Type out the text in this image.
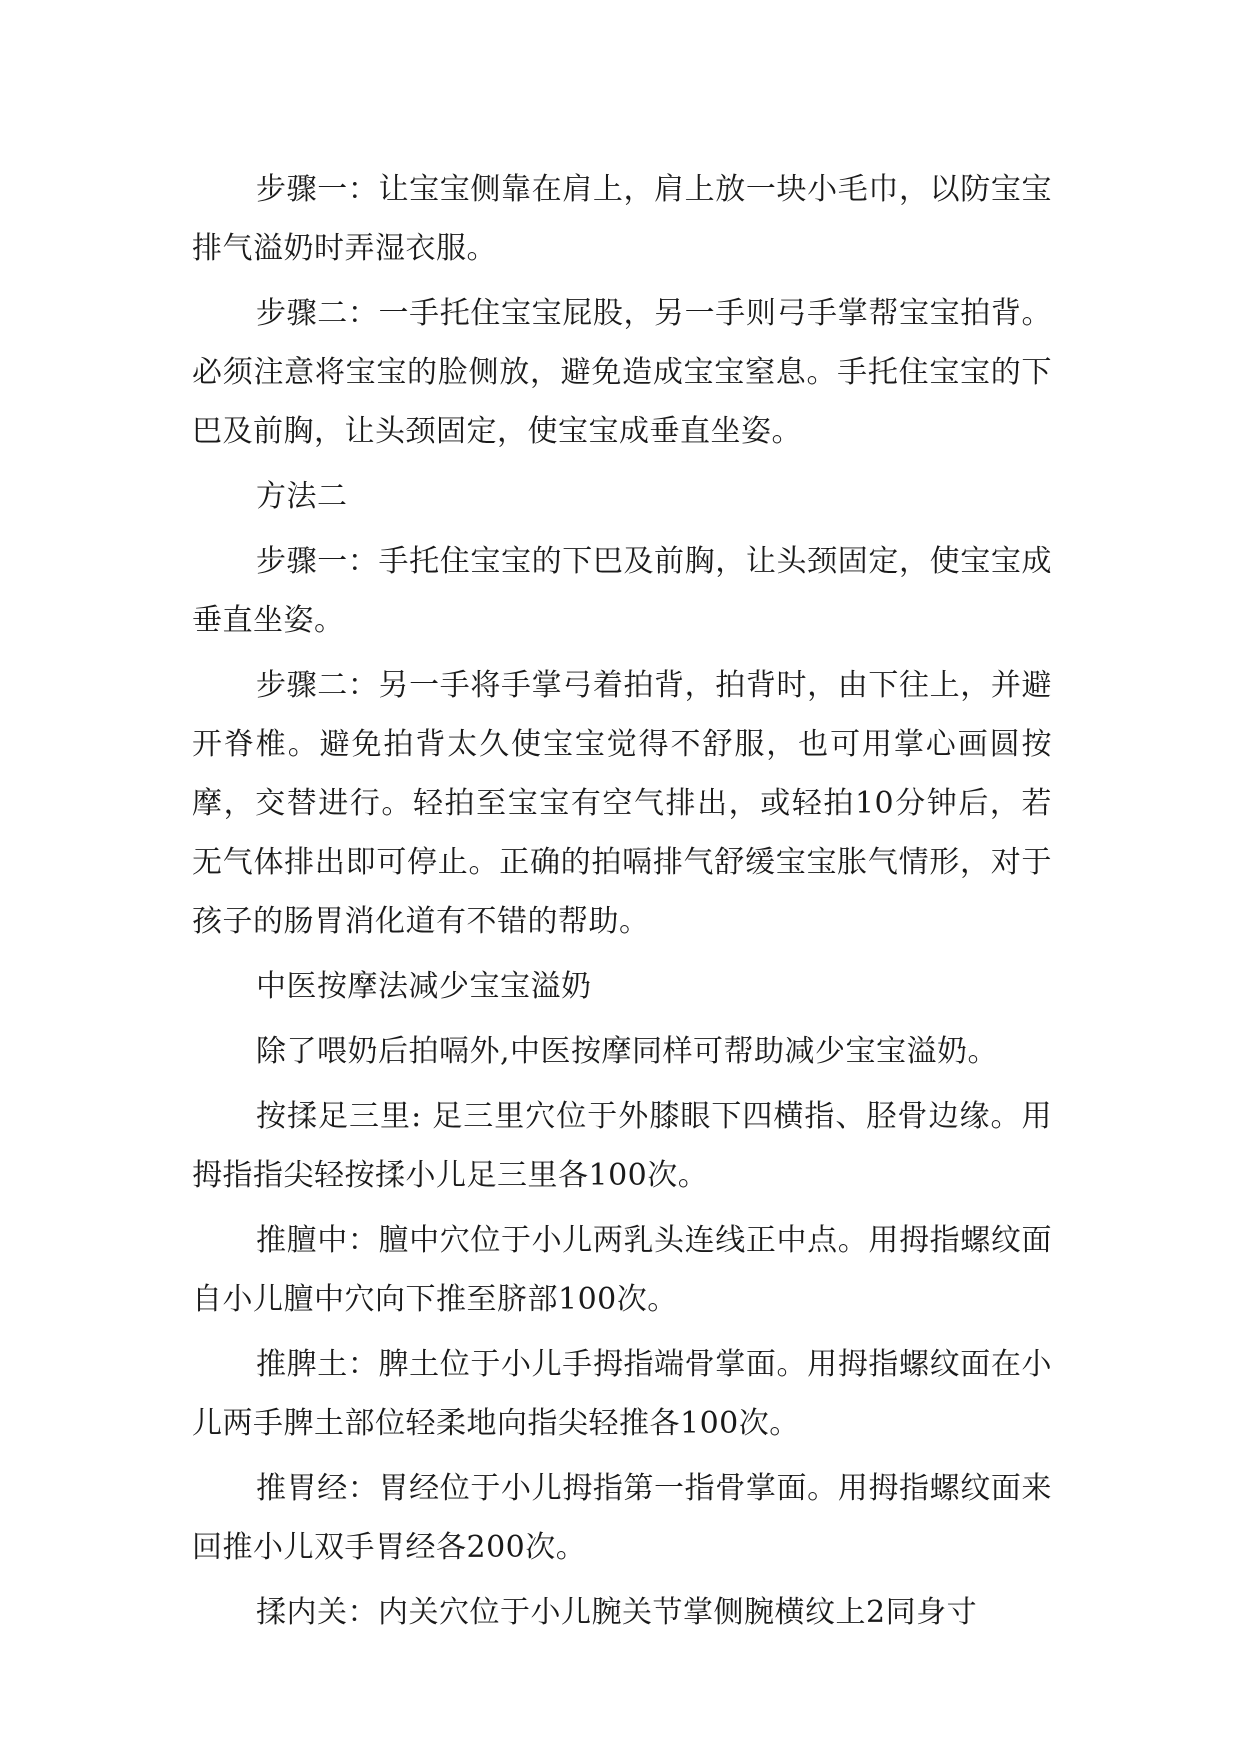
步骤一：让宝宝侧靠在肩上，肩上放一块小毛巾，以防宝宝排气溢奶时弄湿衣服。

步骤二：一手托住宝宝屁股，另一手则弓手掌帮宝宝拍背。必须注意将宝宝的脸侧放，避免造成宝宝窒息。手托住宝宝的下巴及前胸，让头颈固定，使宝宝成垂直坐姿。

方法二

步骤一：手托住宝宝的下巴及前胸，让头颈固定，使宝宝成垂直坐姿。

步骤二：另一手将手掌弓着拍背，拍背时，由下往上，并避开脊椎。避免拍背太久使宝宝觉得不舒服，也可用掌心画圆按摩，交替进行。轻拍至宝宝有空气排出，或轻拍10分钟后，若无气体排出即可停止。正确的拍嗝排气舒缓宝宝胀气情形，对于孩子的肠胃消化道有不错的帮助。

中医按摩法减少宝宝溢奶

除了喂奶后拍嗝外,中医按摩同样可帮助减少宝宝溢奶。

按揉足三里: 足三里穴位于外膝眼下四横指、胫骨边缘。用拇指指尖轻按揉小儿足三里各100次。

推膻中：膻中穴位于小儿两乳头连线正中点。用拇指螺纹面自小儿膻中穴向下推至脐部100次。

推脾土：脾土位于小儿手拇指端骨掌面。用拇指螺纹面在小儿两手脾土部位轻柔地向指尖轻推各100次。

推胃经：胃经位于小儿拇指第一指骨掌面。用拇指螺纹面来回推小儿双手胃经各200次。

揉内关：内关穴位于小儿腕关节掌侧腕横纹上2同身寸
